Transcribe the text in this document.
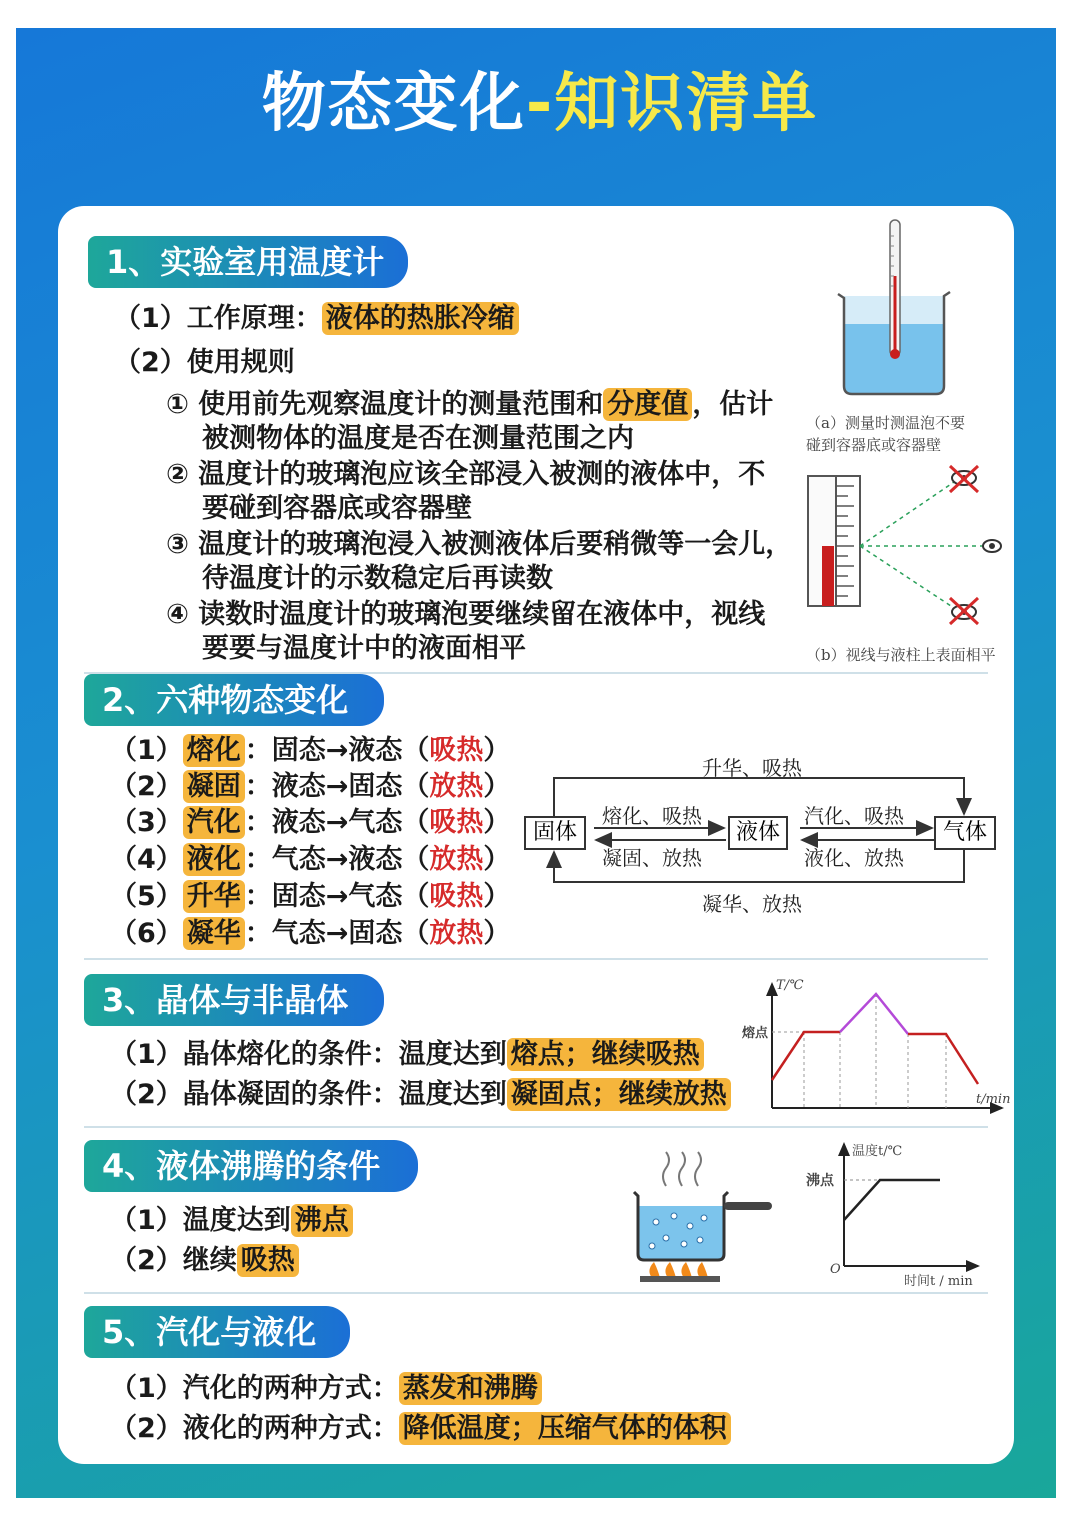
物态变化-知识清单
1、实验室用温度计
（1）工作原理： 液体的热胀冷缩
（2）使用规则
① 使用前先观察温度计的测量范围和 分度值 ，估计
被测物体的温度是否在测量范围之内
② 温度计的玻璃泡应该全部浸入被测的液体中，不
要碰到容器底或容器壁
③ 温度计的玻璃泡浸入被测液体后要稍微等一会儿，
待温度计的示数稳定后再读数
④ 读数时温度计的玻璃泡要继续留在液体中，视线
要要与温度计中的液面相平
（a）测量时测温泡不要
碰到容器底或容器壁
（b）视线与液柱上表面相平
2、六种物态变化
（1） 熔化 ：固态→液态（吸热）
（2） 凝固 ：液态→固态（放热）
（3） 汽化 ：液态→气态（吸热）
（4） 液化 ：气态→液态（放热）
（5） 升华 ：固态→气态（吸热）
（6） 凝华 ：气态→固态（放热）
固体	液体	气体
升华、吸热
凝华、放热
熔化、吸热
凝固、放热
汽化、吸热
液化、放热
3、晶体与非晶体
（1）晶体熔化的条件：温度达到 熔点；继续吸热
（2）晶体凝固的条件：温度达到 凝固点；继续放热
T/℃
t/min
熔点
4、液体沸腾的条件
（1）温度达到 沸点
（2）继续 吸热
温度t/℃
时间t / min
沸点
O
5、汽化与液化
（1）汽化的两种方式： 蒸发和沸腾
（2）液化的两种方式： 降低温度；压缩气体的体积
